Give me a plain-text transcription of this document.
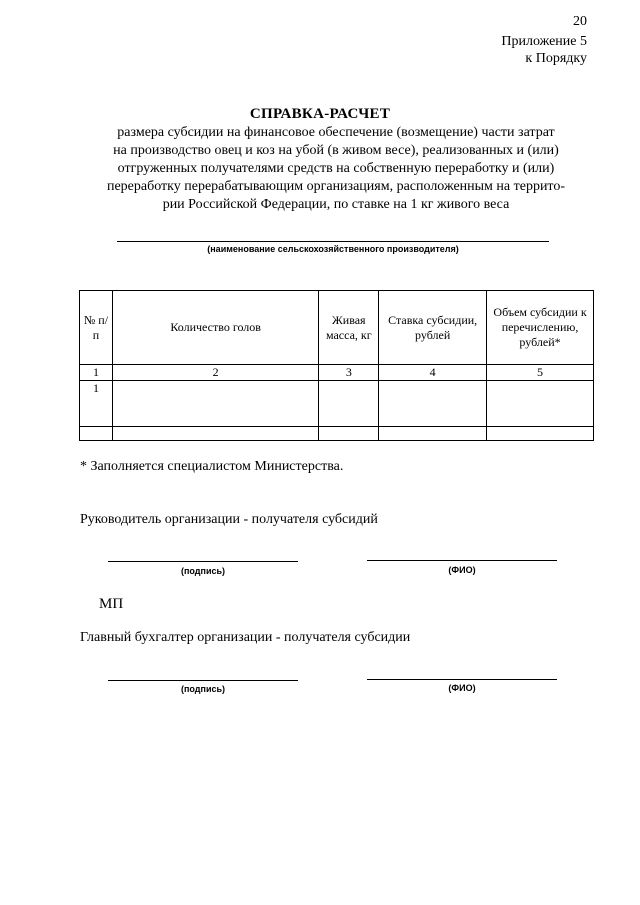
20
Приложение 5
к Порядку
СПРАВКА-РАСЧЕТ
размера субсидии на финансовое обеспечение (возмещение) части затрат
на производство овец и коз на убой (в живом весе), реализованных и (или)
отгруженных получателями средств на собственную переработку и (или)
переработку перерабатывающим организациям, расположенным на террито-
рии Российской Федерации, по ставке на 1 кг живого веса
(наименование сельскохозяйственного производителя)
№ п/п	Количество голов	Живая масса, кг	Ставка субсидии, рублей	Объем субсидии к перечислению, рублей*
1	2	3	4	5
1				

* Заполняется специалистом Министерства.
Руководитель организации - получателя субсидий
(подпись)	(ФИО)
МП
Главный бухгалтер организации - получателя субсидии
(подпись)	(ФИО)
